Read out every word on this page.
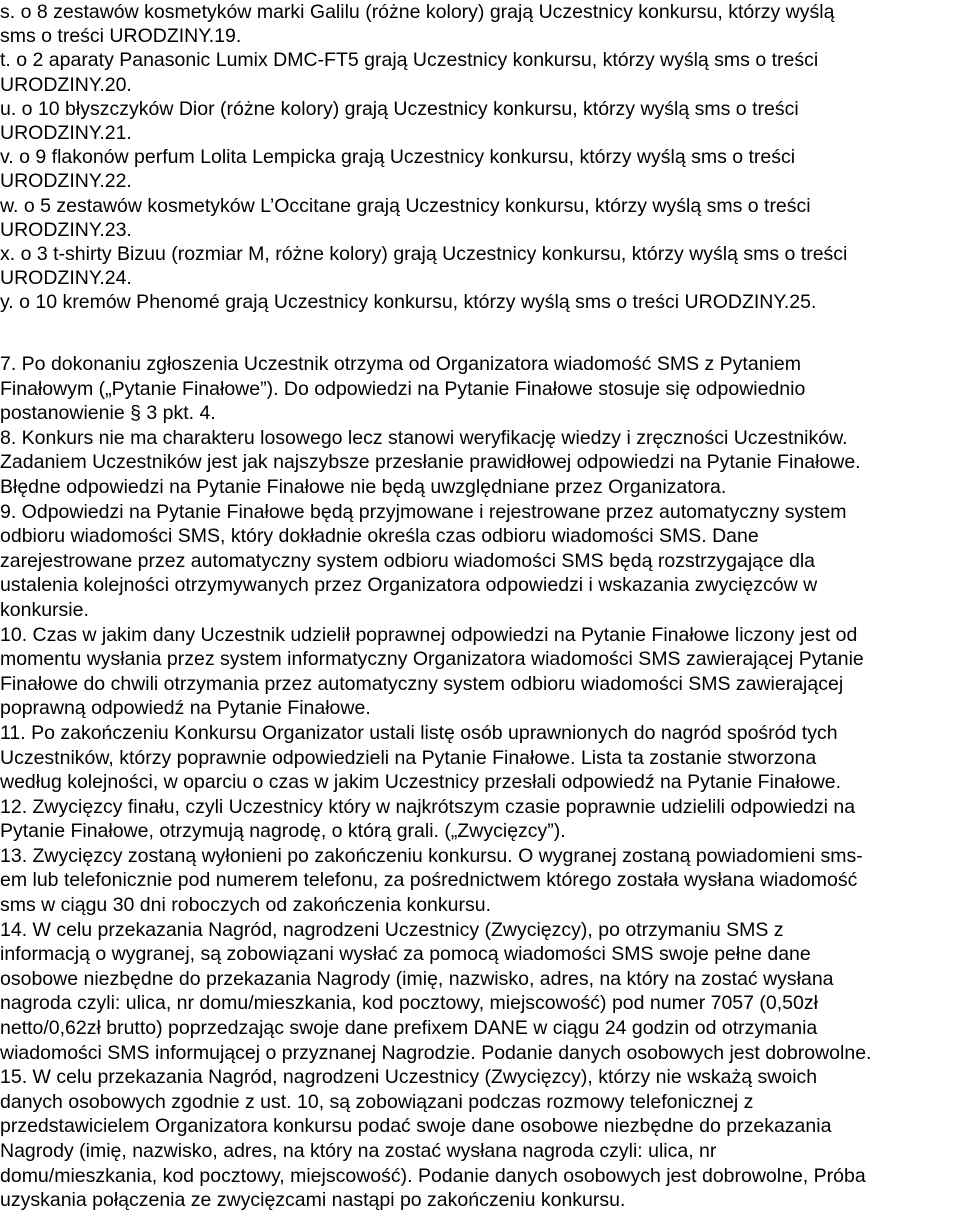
s. o 8 zestawów kosmetyków marki Galilu (różne kolory) grają Uczestnicy konkursu, którzy wyślą
sms o treści URODZINY.19.
t. o 2 aparaty Panasonic Lumix DMC-FT5 grają Uczestnicy konkursu, którzy wyślą sms o treści
URODZINY.20.
u. o 10 błyszczyków Dior (różne kolory) grają Uczestnicy konkursu, którzy wyślą sms o treści
URODZINY.21.
v. o 9 flakonów perfum Lolita Lempicka grają Uczestnicy konkursu, którzy wyślą sms o treści
URODZINY.22.
w. o 5 zestawów kosmetyków L’Occitane grają Uczestnicy konkursu, którzy wyślą sms o treści
URODZINY.23.
x. o 3 t-shirty Bizuu (rozmiar M, różne kolory) grają Uczestnicy konkursu, którzy wyślą sms o treści
URODZINY.24.
y. o 10 kremów Phenomé grają Uczestnicy konkursu, którzy wyślą sms o treści URODZINY.25.
7. Po dokonaniu zgłoszenia Uczestnik otrzyma od Organizatora wiadomość SMS z Pytaniem
Finałowym („Pytanie Finałowe”). Do odpowiedzi na Pytanie Finałowe stosuje się odpowiednio
postanowienie § 3 pkt. 4.
8. Konkurs nie ma charakteru losowego lecz stanowi weryfikację wiedzy i zręczności Uczestników.
Zadaniem Uczestników jest jak najszybsze przesłanie prawidłowej odpowiedzi na Pytanie Finałowe.
Błędne odpowiedzi na Pytanie Finałowe nie będą uwzględniane przez Organizatora.
9. Odpowiedzi na Pytanie Finałowe będą przyjmowane i rejestrowane przez automatyczny system
odbioru wiadomości SMS, który dokładnie określa czas odbioru wiadomości SMS. Dane
zarejestrowane przez automatyczny system odbioru wiadomości SMS będą rozstrzygające dla
ustalenia kolejności otrzymywanych przez Organizatora odpowiedzi i wskazania zwycięzców w
konkursie.
10. Czas w jakim dany Uczestnik udzielił poprawnej odpowiedzi na Pytanie Finałowe liczony jest od
momentu wysłania przez system informatyczny Organizatora wiadomości SMS zawierającej Pytanie
Finałowe do chwili otrzymania przez automatyczny system odbioru wiadomości SMS zawierającej
poprawną odpowiedź na Pytanie Finałowe.
11. Po zakończeniu Konkursu Organizator ustali listę osób uprawnionych do nagród spośród tych
Uczestników, którzy poprawnie odpowiedzieli na Pytanie Finałowe. Lista ta zostanie stworzona
według kolejności, w oparciu o czas w jakim Uczestnicy przesłali odpowiedź na Pytanie Finałowe.
12. Zwycięzcy finału, czyli Uczestnicy który w najkrótszym czasie poprawnie udzielili odpowiedzi na
Pytanie Finałowe, otrzymują nagrodę, o którą grali. („Zwycięzcy”).
13. Zwycięzcy zostaną wyłonieni po zakończeniu konkursu. O wygranej zostaną powiadomieni sms-
em lub telefonicznie pod numerem telefonu, za pośrednictwem którego została wysłana wiadomość
sms w ciągu 30 dni roboczych od zakończenia konkursu.
14. W celu przekazania Nagród, nagrodzeni Uczestnicy (Zwycięzcy), po otrzymaniu SMS z
informacją o wygranej, są zobowiązani wysłać za pomocą wiadomości SMS swoje pełne dane
osobowe niezbędne do przekazania Nagrody (imię, nazwisko, adres, na który na zostać wysłana
nagroda czyli: ulica, nr domu/mieszkania, kod pocztowy, miejscowość) pod numer 7057 (0,50zł
netto/0,62zł brutto) poprzedzając swoje dane prefixem DANE w ciągu 24 godzin od otrzymania
wiadomości SMS informującej o przyznanej Nagrodzie. Podanie danych osobowych jest dobrowolne.
15. W celu przekazania Nagród, nagrodzeni Uczestnicy (Zwycięzcy), którzy nie wskażą swoich
danych osobowych zgodnie z ust. 10, są zobowiązani podczas rozmowy telefonicznej z
przedstawicielem Organizatora konkursu podać swoje dane osobowe niezbędne do przekazania
Nagrody (imię, nazwisko, adres, na który na zostać wysłana nagroda czyli: ulica, nr
domu/mieszkania, kod pocztowy, miejscowość). Podanie danych osobowych jest dobrowolne, Próba
uzyskania połączenia ze zwycięzcami nastąpi po zakończeniu konkursu.
